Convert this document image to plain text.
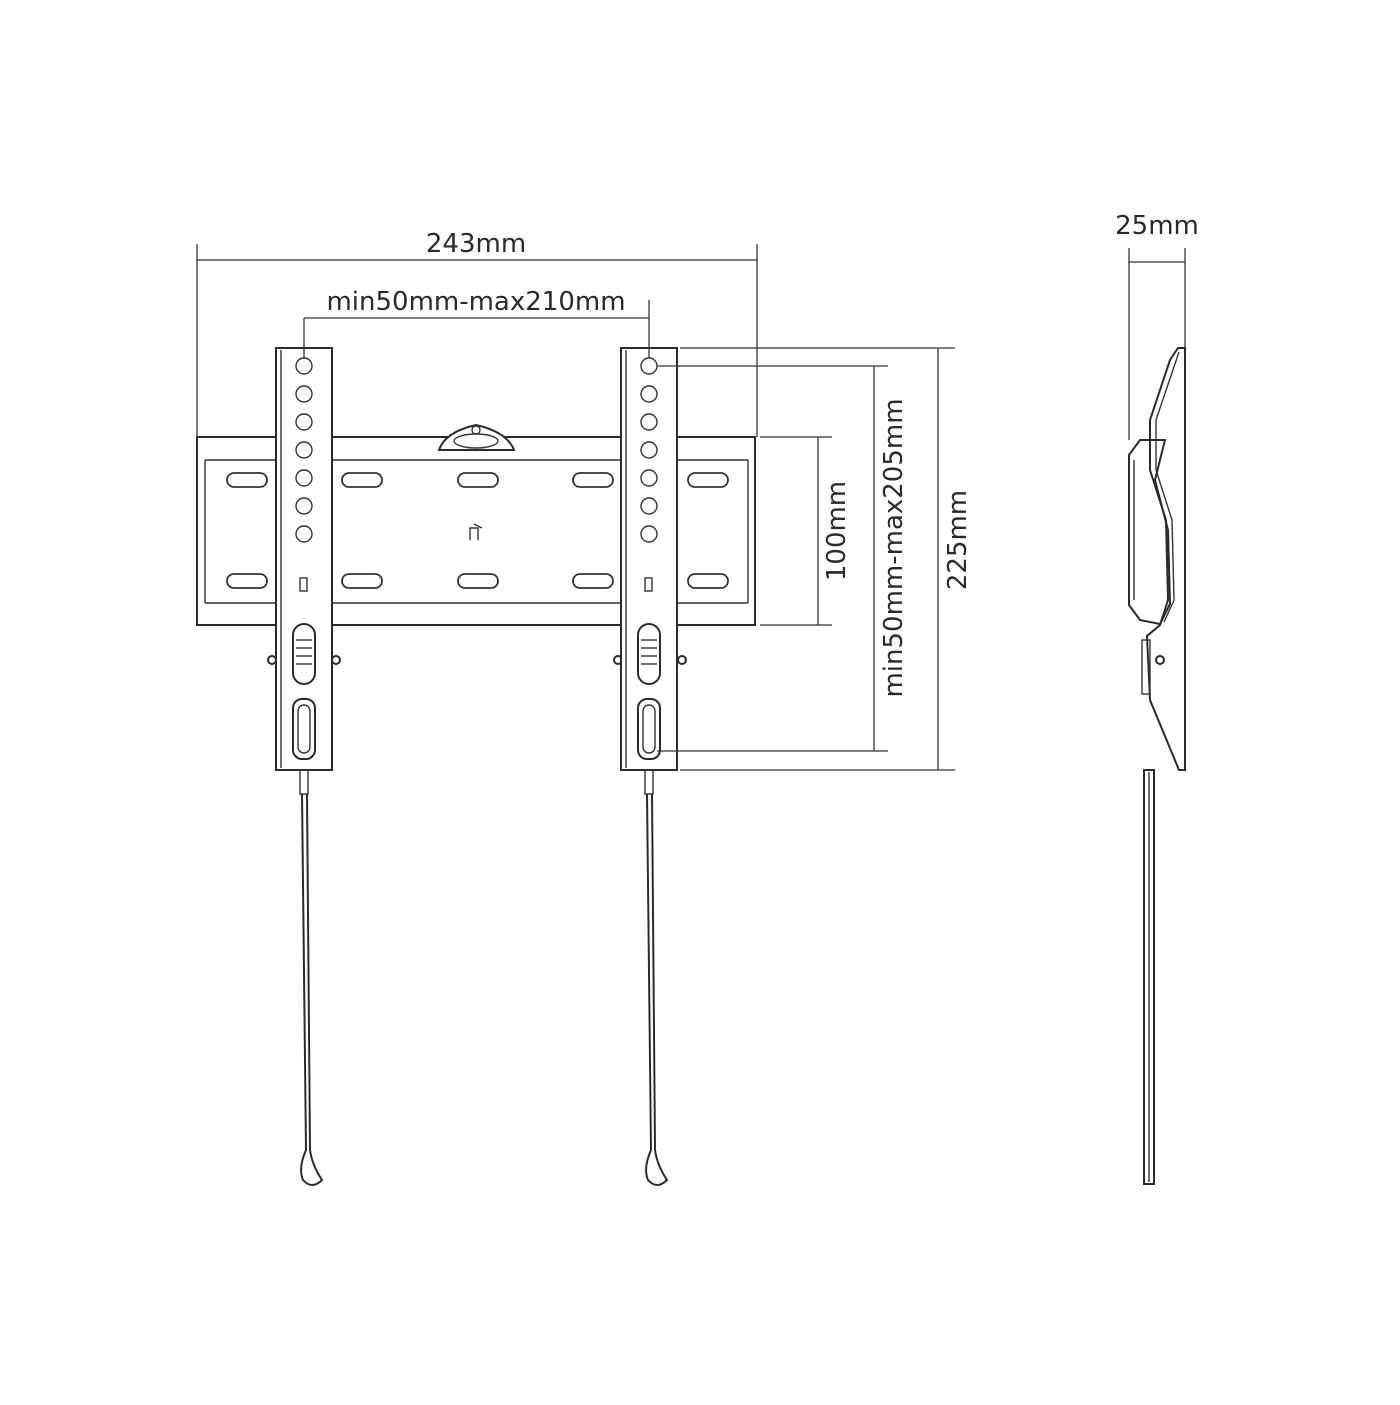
243mm
min50mm-max210mm
100mm min50mm-max205mm 225mm
25mm
